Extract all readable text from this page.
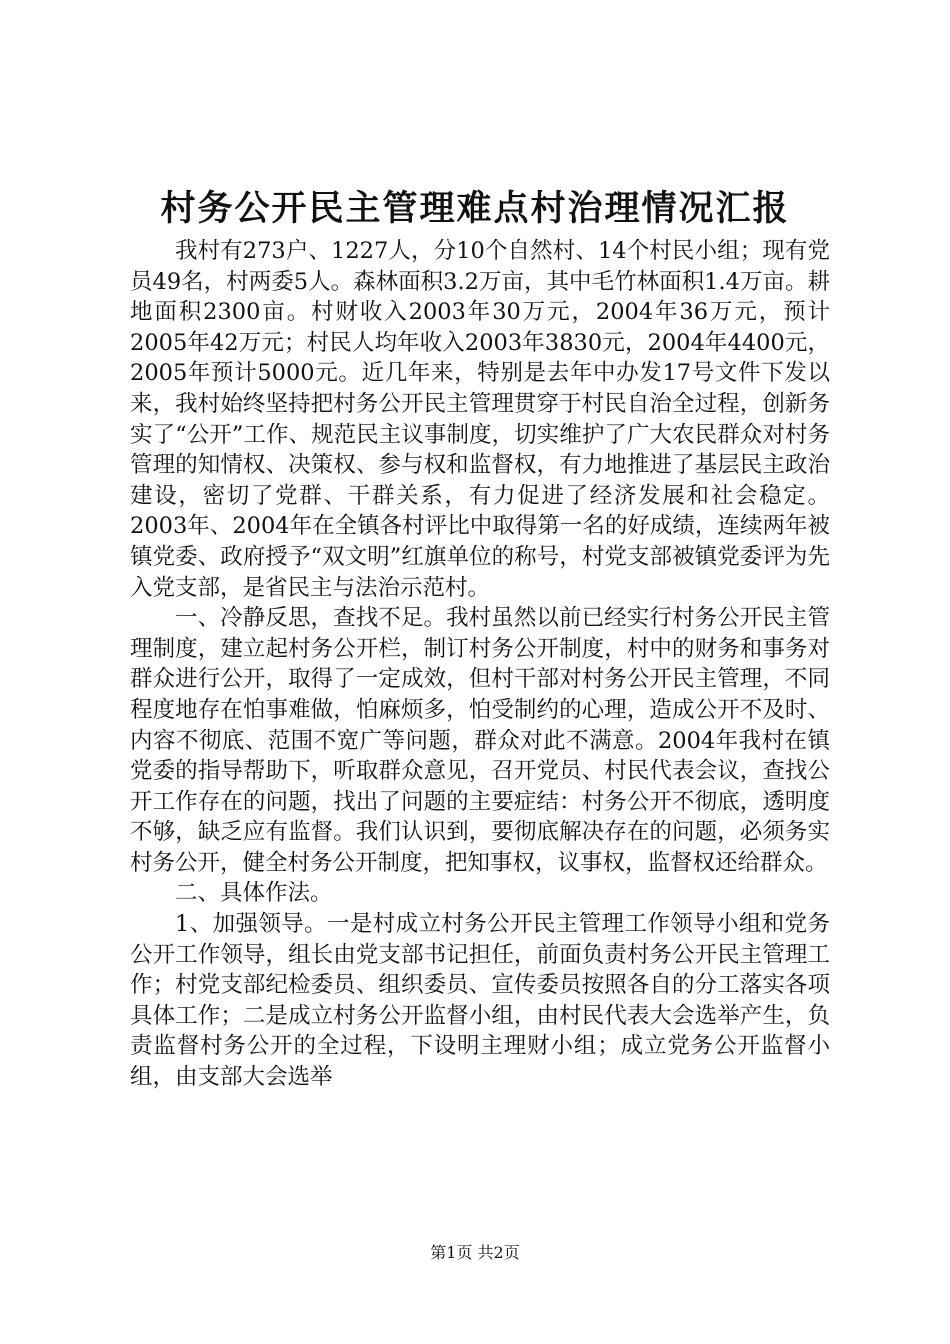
村务公开民主管理难点村治理情况汇报

我村有273户、1227人，分10个自然村、14个村民小组；现有党员49名，村两委5人。森林面积3.2万亩，其中毛竹林面积1.4万亩。耕地面积2300亩。村财收入2003年30万元，2004年36万元，预计2005年42万元；村民人均年收入2003年3830元，2004年4400元，2005年预计5000元。近几年来，特别是去年中办发17号文件下发以来，我村始终坚持把村务公开民主管理贯穿于村民自治全过程，创新务实了“公开”工作、规范民主议事制度，切实维护了广大农民群众对村务管理的知情权、决策权、参与权和监督权，有力地推进了基层民主政治建设，密切了党群、干群关系，有力促进了经济发展和社会稳定。2003年、2004年在全镇各村评比中取得第一名的好成绩，连续两年被镇党委、政府授予“双文明”红旗单位的称号，村党支部被镇党委评为先入党支部，是省民主与法治示范村。

一、冷静反思，查找不足。我村虽然以前已经实行村务公开民主管理制度，建立起村务公开栏，制订村务公开制度，村中的财务和事务对群众进行公开，取得了一定成效，但村干部对村务公开民主管理，不同程度地存在怕事难做，怕麻烦多，怕受制约的心理，造成公开不及时、内容不彻底、范围不宽广等问题，群众对此不满意。2004年我村在镇党委的指导帮助下，听取群众意见，召开党员、村民代表会议，查找公开工作存在的问题，找出了问题的主要症结：村务公开不彻底，透明度不够，缺乏应有监督。我们认识到，要彻底解决存在的问题，必须务实村务公开，健全村务公开制度，把知事权，议事权，监督权还给群众。

二、具体作法。

1、加强领导。一是村成立村务公开民主管理工作领导小组和党务公开工作领导，组长由党支部书记担任，前面负责村务公开民主管理工作；村党支部纪检委员、组织委员、宣传委员按照各自的分工落实各项具体工作；二是成立村务公开监督小组，由村民代表大会选举产生，负责监督村务公开的全过程，下设明主理财小组；成立党务公开监督小组，由支部大会选举

第1页 共2页
